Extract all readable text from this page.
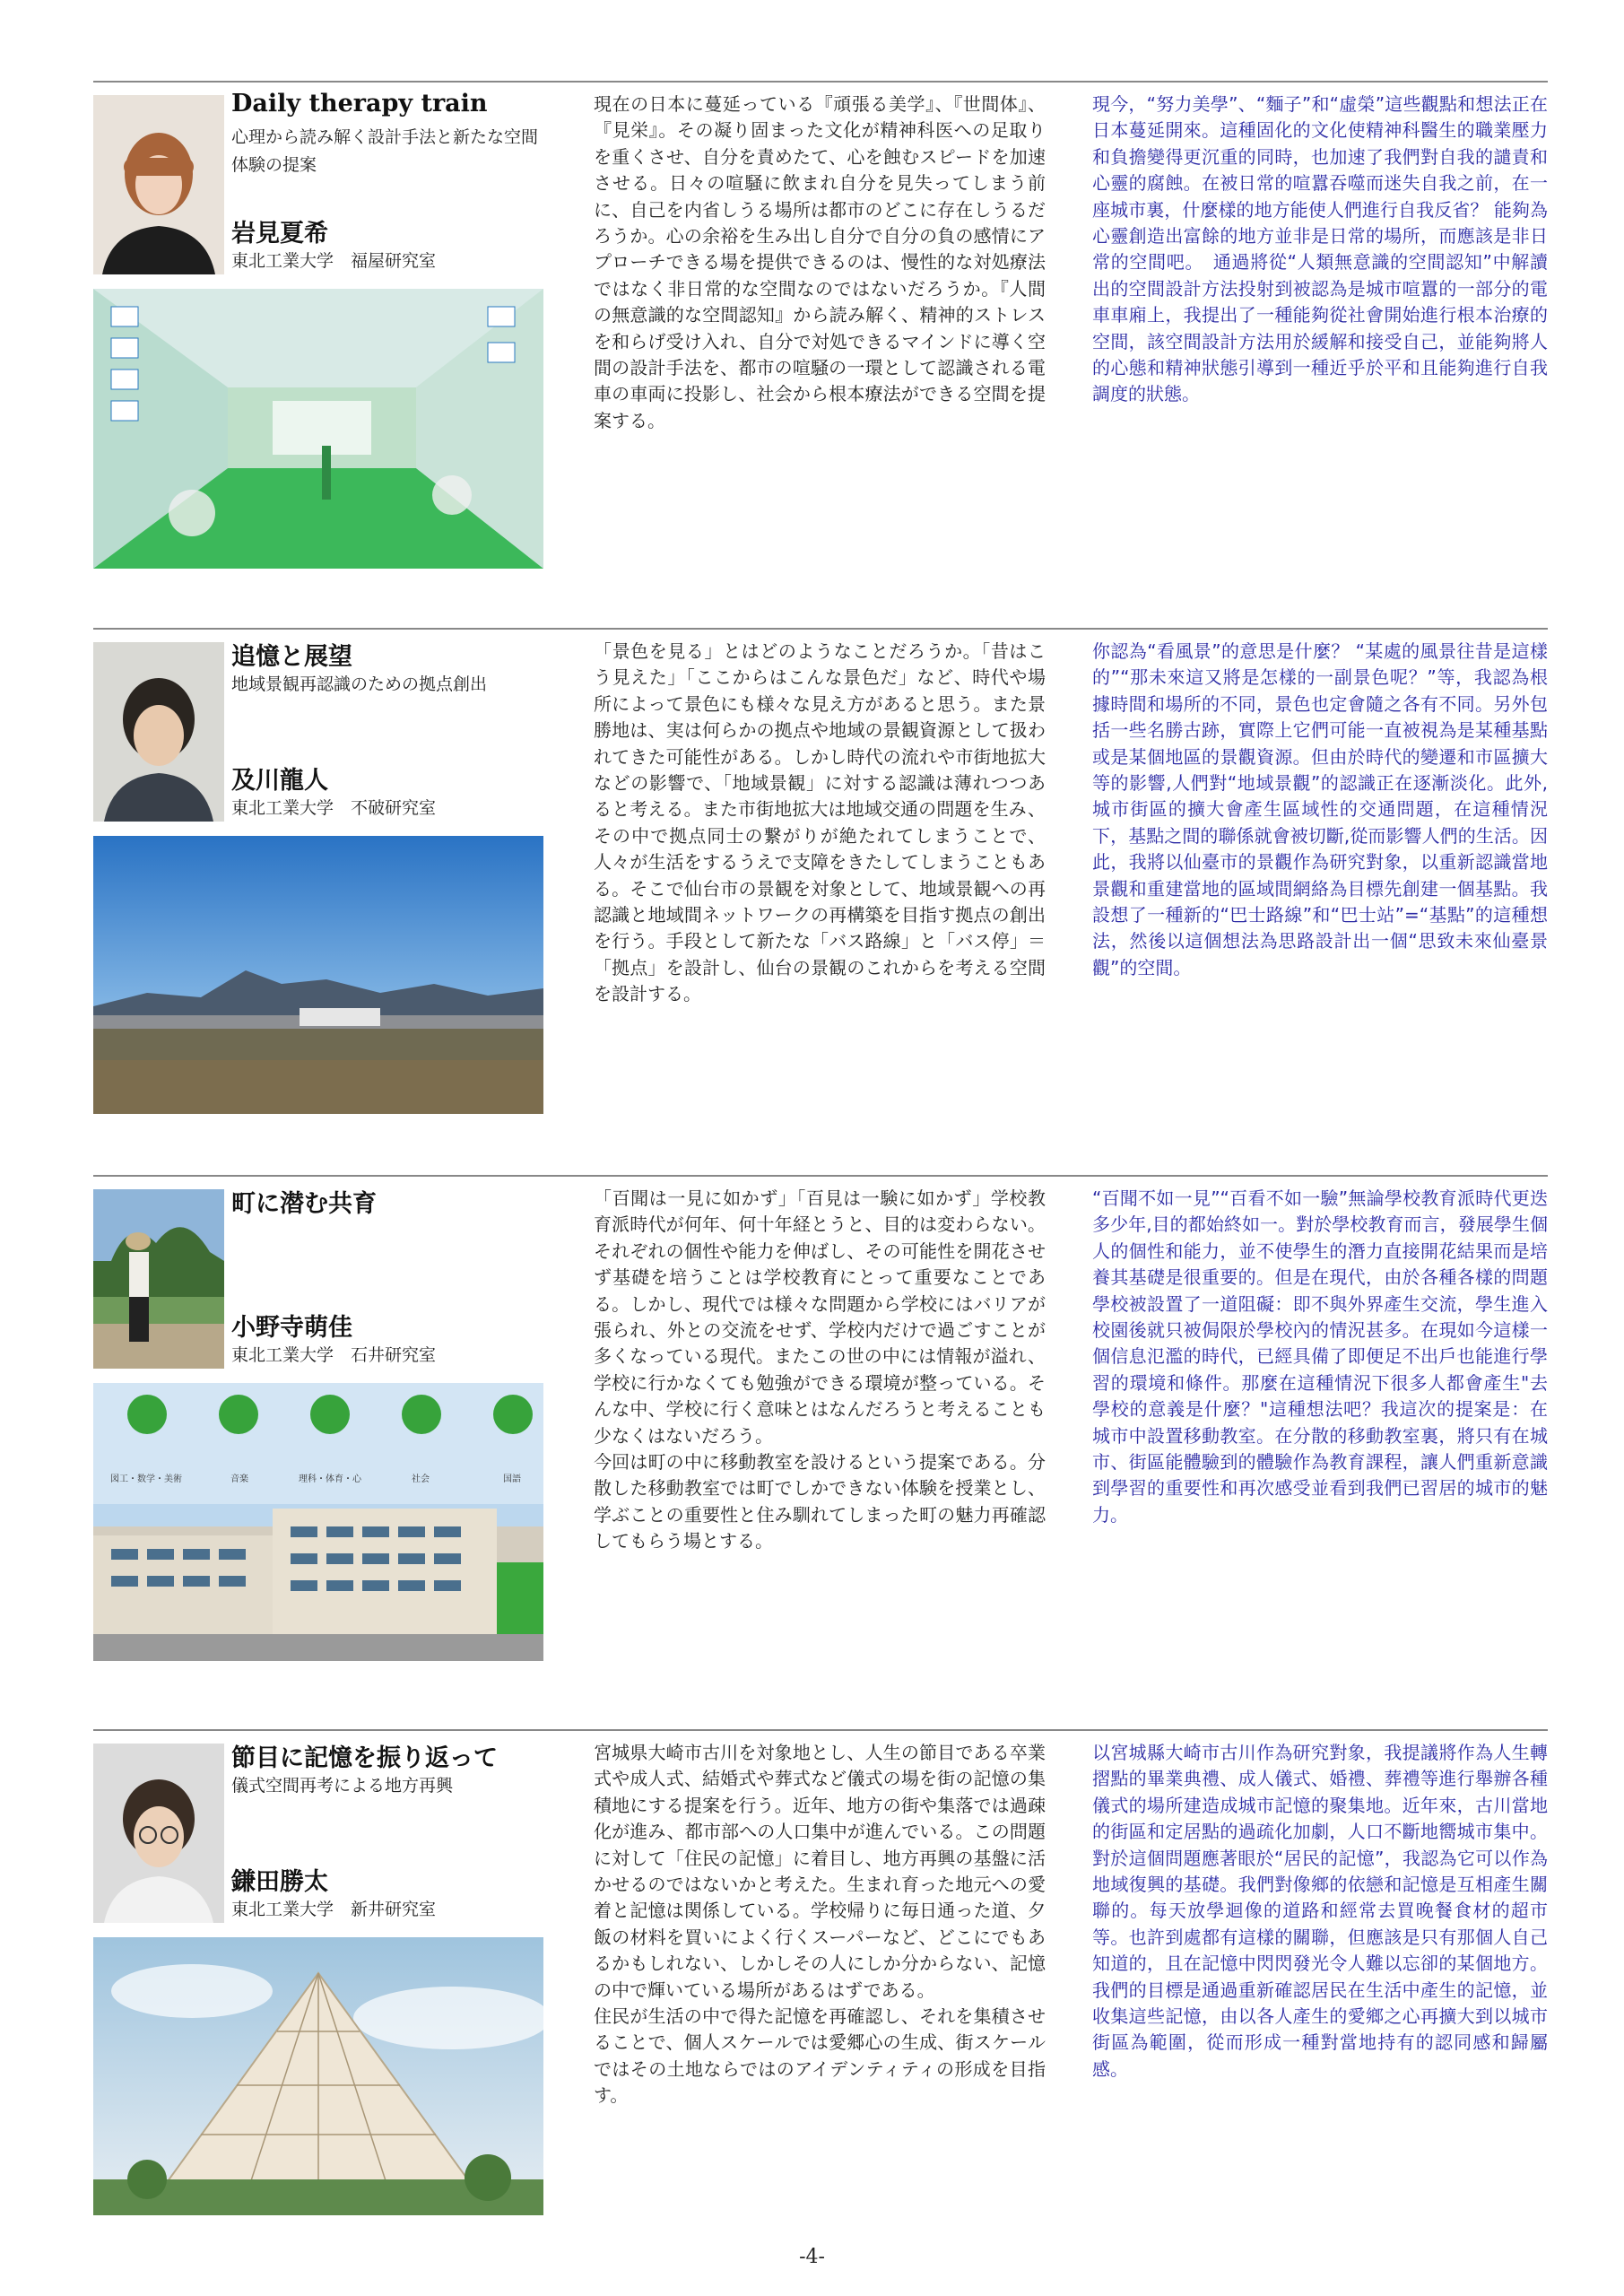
Daily therapy train
心理から読み解く設計手法と新たな空間体験の提案
岩見夏希
東北工業大学　福屋研究室
現在の日本に蔓延っている『頑張る美学』、『世間体』、『見栄』。その凝り固まった文化が精神科医への足取りを重くさせ、自分を責めたて、心を蝕むスピードを加速させる。日々の喧騒に飲まれ自分を見失ってしまう前に、自己を内省しうる場所は都市のどこに存在しうるだろうか。心の余裕を生み出し自分で自分の負の感情にアプローチできる場を提供できるのは、慢性的な対処療法ではなく非日常的な空間なのではないだろうか。『人間の無意識的な空間認知』から読み解く、精神的ストレスを和らげ受け入れ、自分で対処できるマインドに導く空間の設計手法を、都市の喧騒の一環として認識される電車の車両に投影し、社会から根本療法ができる空間を提案する。
現今，“努力美學”、“麵子”和“虛榮”這些觀點和想法正在日本蔓延開來。這種固化的文化使精神科醫生的職業壓力和負擔變得更沉重的同時，也加速了我們對自我的譴責和心靈的腐蝕。在被日常的喧囂吞噬而迷失自我之前，在一座城市裏，什麼樣的地方能使人們進行自我反省？ 能夠為心靈創造出富餘的地方並非是日常的場所，而應該是非日常的空間吧。　通過將從“人類無意識的空間認知”中解讀出的空間設計方法投射到被認為是城市喧囂的一部分的電車車廂上，我提出了一種能夠從社會開始進行根本治療的空間，該空間設計方法用於緩解和接受自己，並能夠將人的心態和精神狀態引導到一種近乎於平和且能夠進行自我調度的狀態。
追憶と展望
地域景観再認識のための拠点創出
及川龍人
東北工業大学　不破研究室
「景色を見る」とはどのようなことだろうか。「昔はこう見えた」「ここからはこんな景色だ」など、時代や場所によって景色にも様々な見え方があると思う。また景勝地は、実は何らかの拠点や地域の景観資源として扱われてきた可能性がある。しかし時代の流れや市街地拡大などの影響で、「地域景観」に対する認識は薄れつつあると考える。また市街地拡大は地域交通の問題を生み、その中で拠点同士の繋がりが絶たれてしまうことで、人々が生活をするうえで支障をきたしてしまうこともある。そこで仙台市の景観を対象として、地域景観への再認識と地域間ネットワークの再構築を目指す拠点の創出を行う。手段として新たな「バス路線」と「バス停」＝「拠点」を設計し、仙台の景観のこれからを考える空間を設計する。
你認為“看風景”的意思是什麼？ “某處的風景往昔是這樣的”“那未來這又將是怎樣的一副景色呢？”等，我認為根據時間和場所的不同，景色也定會隨之各有不同。另外包括一些名勝古跡，實際上它們可能一直被視為是某種基點或是某個地區的景觀資源。但由於時代的變遷和市區擴大等的影響,人們對“地域景觀”的認識正在逐漸淡化。此外,城市街區的擴大會產生區域性的交通問題，在這種情況下，基點之間的聯係就會被切斷,從而影響人們的生活。因此，我將以仙臺市的景觀作為研究對象，以重新認識當地景觀和重建當地的區域間網絡為目標先創建一個基點。我設想了一種新的“巴士路線”和“巴士站”=“基點”的這種想法，然後以這個想法為思路設計出一個“思致未來仙臺景觀”的空間。
町に潜む共育
小野寺萌佳
東北工業大学　石井研究室
図工・数学・美術	音楽	理科・体育・心	社会	国語
「百聞は一見に如かず」「百見は一験に如かず」学校教育派時代が何年、何十年経とうと、目的は変わらない。それぞれの個性や能力を伸ばし、その可能性を開花させず基礎を培うことは学校教育にとって重要なことである。しかし、現代では様々な問題から学校にはバリアが張られ、外との交流をせず、学校内だけで過ごすことが多くなっている現代。またこの世の中には情報が溢れ、学校に行かなくても勉強ができる環境が整っている。そんな中、学校に行く意味とはなんだろうと考えることも少なくはないだろう。
今回は町の中に移動教室を設けるという提案である。分散した移動教室では町でしかできない体験を授業とし、学ぶことの重要性と住み馴れてしまった町の魅力再確認してもらう場とする。
“百聞不如一見”“百看不如一驗”無論學校教育派時代更迭多少年,目的都始終如一。對於學校教育而言，發展學生個人的個性和能力，並不使學生的潛力直接開花結果而是培養其基礎是很重要的。但是在現代，由於各種各樣的問題學校被設置了一道阻礙：即不與外界產生交流，學生進入校園後就只被侷限於學校內的情況甚多。在現如今這樣一個信息氾濫的時代，已經具備了即便足不出戶也能進行學習的環境和條件。那麼在這種情況下很多人都會產生"去學校的意義是什麼？"這種想法吧？我這次的提案是：在城市中設置移動教室。在分散的移動教室裏，將只有在城市、街區能體驗到的體驗作為教育課程，讓人們重新意識到學習的重要性和再次感受並看到我們已習居的城市的魅力。
節目に記憶を振り返って
儀式空間再考による地方再興
鎌田勝太
東北工業大学　新井研究室
宮城県大崎市古川を対象地とし、人生の節目である卒業式や成人式、結婚式や葬式など儀式の場を街の記憶の集積地にする提案を行う。近年、地方の街や集落では過疎化が進み、都市部への人口集中が進んでいる。この問題に対して「住民の記憶」に着目し、地方再興の基盤に活かせるのではないかと考えた。生まれ育った地元への愛着と記憶は関係している。学校帰りに毎日通った道、夕飯の材料を買いによく行くスーパーなど、どこにでもあるかもしれない、しかしその人にしか分からない、記憶の中で輝いている場所があるはずである。
住民が生活の中で得た記憶を再確認し、それを集積させることで、個人スケールでは愛郷心の生成、街スケールではその土地ならではのアイデンティティの形成を目指す。
以宮城縣大崎市古川作為研究對象，我提議將作為人生轉摺點的畢業典禮、成人儀式、婚禮、葬禮等進行舉辦各種儀式的場所建造成城市記憶的聚集地。近年來，古川當地的街區和定居點的過疏化加劇，人口不斷地嚮城市集中。對於這個問題應著眼於“居民的記憶”，我認為它可以作為地域復興的基礎。我們對像鄉的依戀和記憶是互相產生關聯的。每天放學迴像的道路和經常去買晚餐食材的超市等。也許到處都有這樣的關聯，但應該是只有那個人自己知道的，且在記憶中閃閃發光令人難以忘卻的某個地方。我們的目標是通過重新確認居民在生活中產生的記憶，並收集這些記憶，由以各人產生的愛鄉之心再擴大到以城市街區為範圍，從而形成一種對當地持有的認同感和歸屬感。
-4-
